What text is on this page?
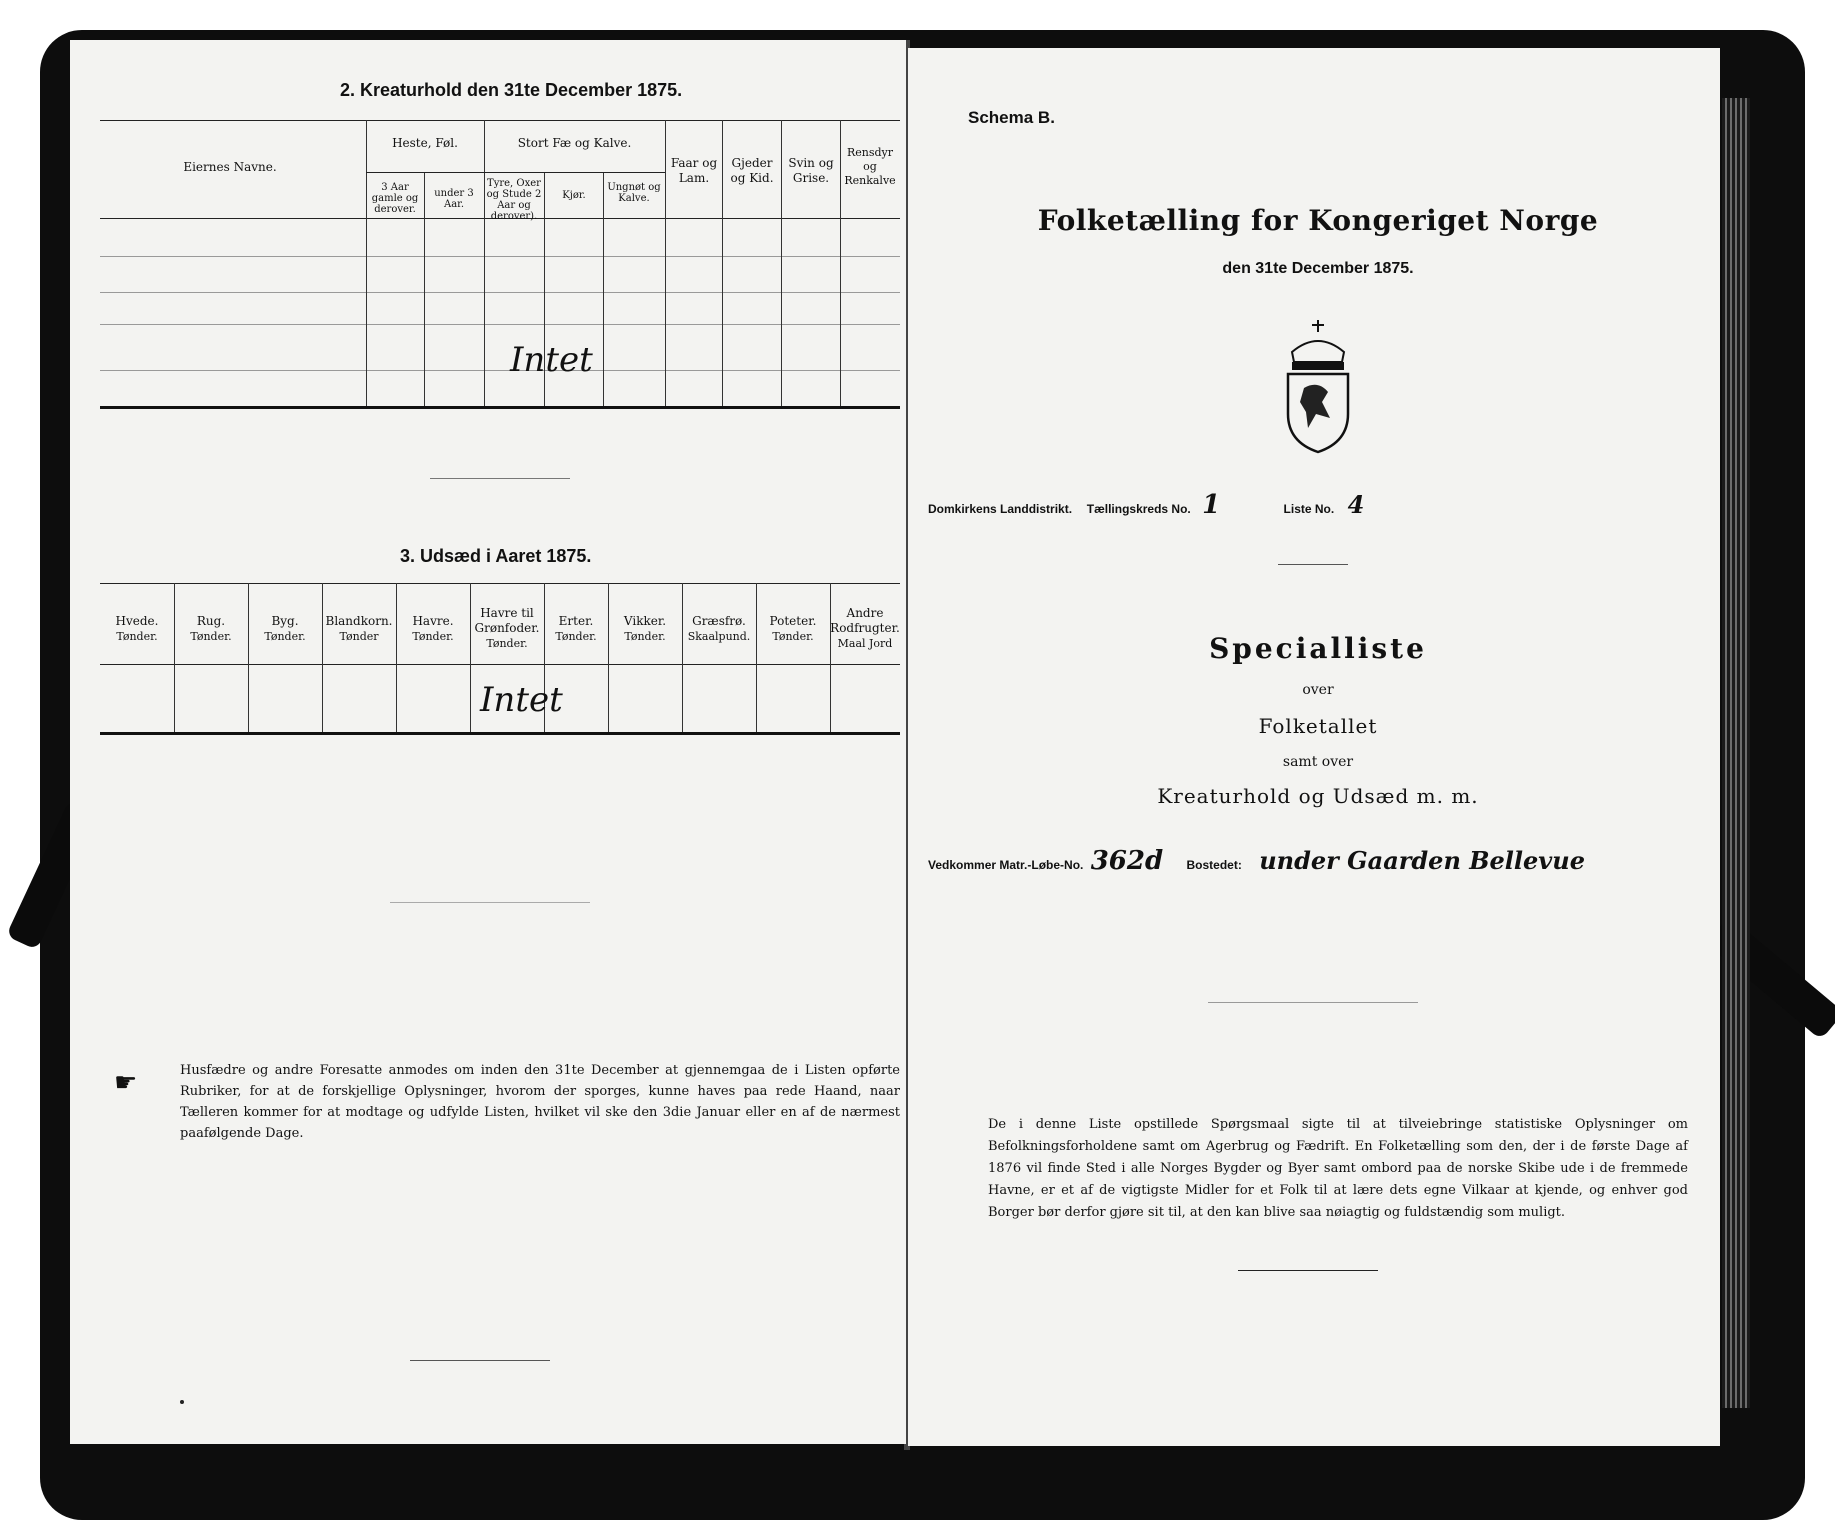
2. Kreaturhold den 31te December 1875.
Eiernes Navne.
Heste, Føl.
3 Aar gamle og derover.
under 3 Aar.
Stort Fæ og Kalve.
Tyre, Oxer og Stude 2 Aar og derover).
Kjør.
Ungnøt og Kalve.
Faar og Lam.
Gjeder og Kid.
Svin og Grise.
Rensdyr og Renkalve
Intet
3. Udsæd i Aaret 1875.
Hvede.
Tønder.
Rug.
Tønder.
Byg.
Tønder.
Blandkorn.
Tønder
Havre.
Tønder.
Havre til Grønfoder.
Tønder.
Erter.
Tønder.
Vikker.
Tønder.
Græsfrø.
Skaalpund.
Poteter.
Tønder.
Andre Rodfrugter.
Maal Jord
Intet
☛	Husfædre og andre Foresatte anmodes om inden den 31te December at gjennemgaa de i Listen opførte Rubriker, for at de forskjellige Oplysninger, hvorom der sporges, kunne haves paa rede Haand, naar Tælleren kommer for at modtage og udfylde Listen, hvilket vil ske den 3die Januar eller en af de nærmest paafølgende Dage.
Schema B.
Folketælling for Kongeriget Norge
den 31te December 1875.
Domkirkens Landdistrikt. Tællingskreds No. 1	Liste No. 4
Specialliste
over
Folketallet
samt over
Kreaturhold og Udsæd m. m.
Vedkommer Matr.-Løbe-No. 362d Bostedet: under Gaarden Bellevue
De i denne Liste opstillede Spørgsmaal sigte til at tilveiebringe statistiske Oplysninger om Befolkningsforholdene samt om Agerbrug og Fædrift. En Folketælling som den, der i de første Dage af 1876 vil finde Sted i alle Norges Bygder og Byer samt ombord paa de norske Skibe ude i de fremmede Havne, er et af de vigtigste Midler for et Folk til at lære dets egne Vilkaar at kjende, og enhver god Borger bør derfor gjøre sit til, at den kan blive saa nøiagtig og fuldstændig som muligt.
